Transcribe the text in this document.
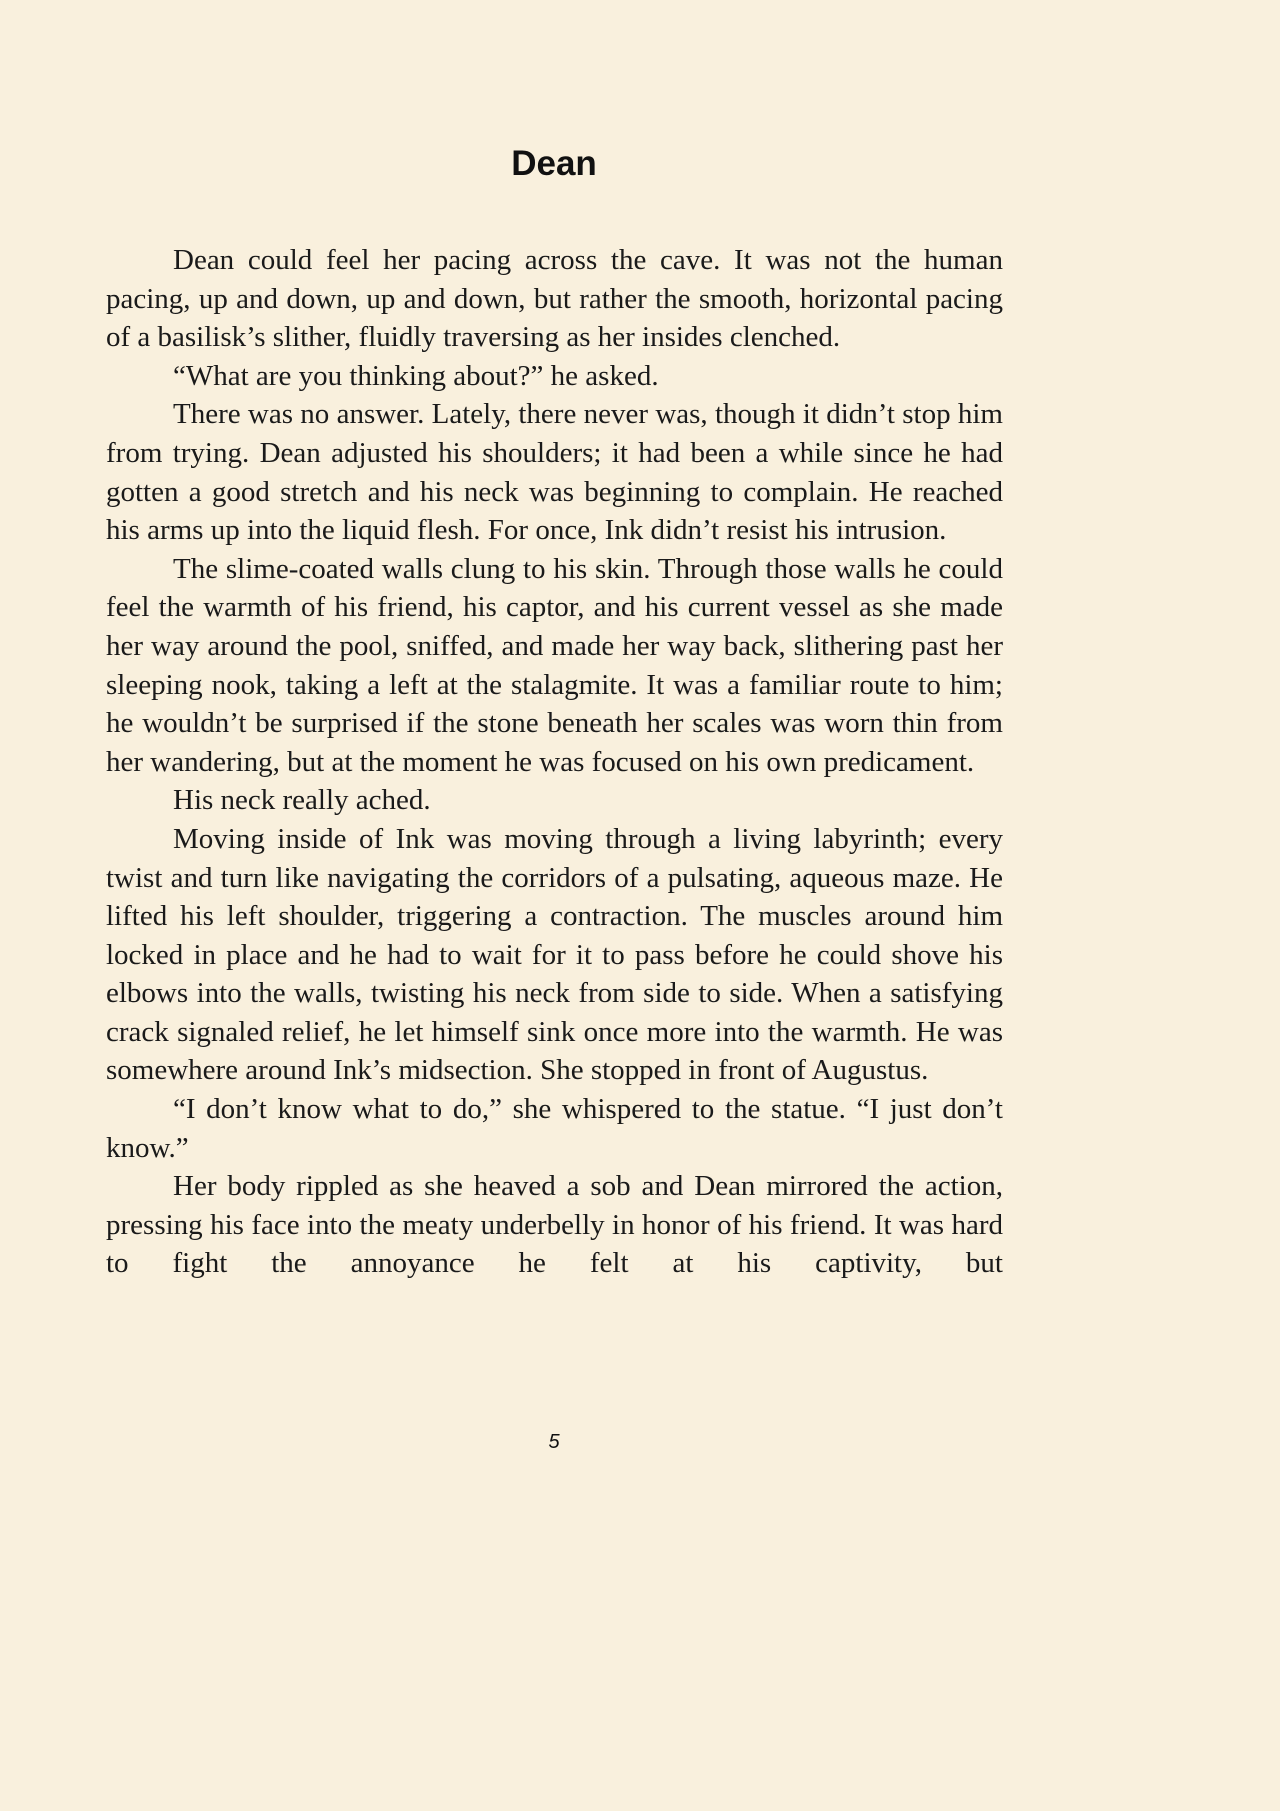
Dean

Dean could feel her pacing across the cave. It was not the human pacing, up and down, up and down, but rather the smooth, horizontal pacing of a basilisk’s slither, fluidly traversing as her insides clenched.

“What are you thinking about?” he asked.

There was no answer. Lately, there never was, though it didn’t stop him from trying. Dean adjusted his shoulders; it had been a while since he had gotten a good stretch and his neck was beginning to complain. He reached his arms up into the liquid flesh. For once, Ink didn’t resist his intrusion.

The slime-coated walls clung to his skin. Through those walls he could feel the warmth of his friend, his captor, and his current vessel as she made her way around the pool, sniffed, and made her way back, slithering past her sleeping nook, taking a left at the stalagmite. It was a familiar route to him; he wouldn’t be surprised if the stone beneath her scales was worn thin from her wandering, but at the moment he was focused on his own predicament.

His neck really ached.

Moving inside of Ink was moving through a living labyrinth; every twist and turn like navigating the corridors of a pulsating, aqueous maze. He lifted his left shoulder, triggering a contraction. The muscles around him locked in place and he had to wait for it to pass before he could shove his elbows into the walls, twisting his neck from side to side. When a satisfying crack signaled relief, he let himself sink once more into the warmth. He was somewhere around Ink’s midsection. She stopped in front of Augustus.

“I don’t know what to do,” she whispered to the statue. “I just don’t know.”

Her body rippled as she heaved a sob and Dean mirrored the action, pressing his face into the meaty underbelly in honor of his friend. It was hard to fight the annoyance he felt at his captivity, but

5
